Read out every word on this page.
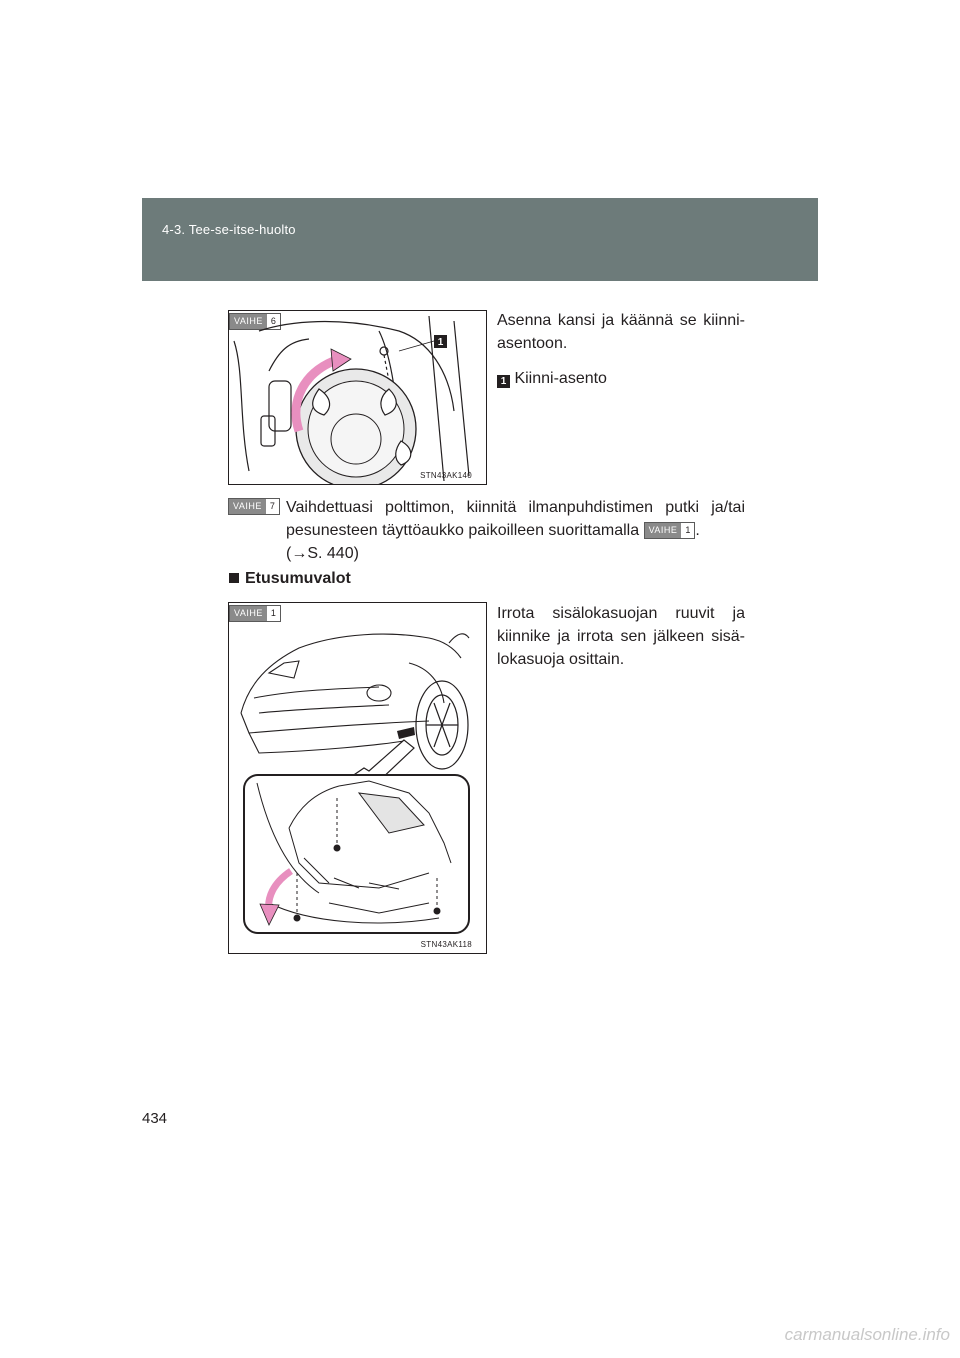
4-3. Tee-se-itse-huolto
VAIHE 6
1
STN43AK140
Asenna kansi ja käännä se kiinni-asentoon.
1 Kiinni-asento
VAIHE 7 Vaihdettuasi polttimon, kiinnitä ilmanpuhdistimen putki ja/tai pesunesteen täyttöaukko paikoilleen suorittamalla	VAIHE 1 .
(→S. 440)
Etusumuvalot
VAIHE 1
STN43AK118
Irrota sisälokasuojan ruuvit ja kiinnike ja irrota sen jälkeen sisä-lokasuoja osittain.
434
carmanualsonline.info
